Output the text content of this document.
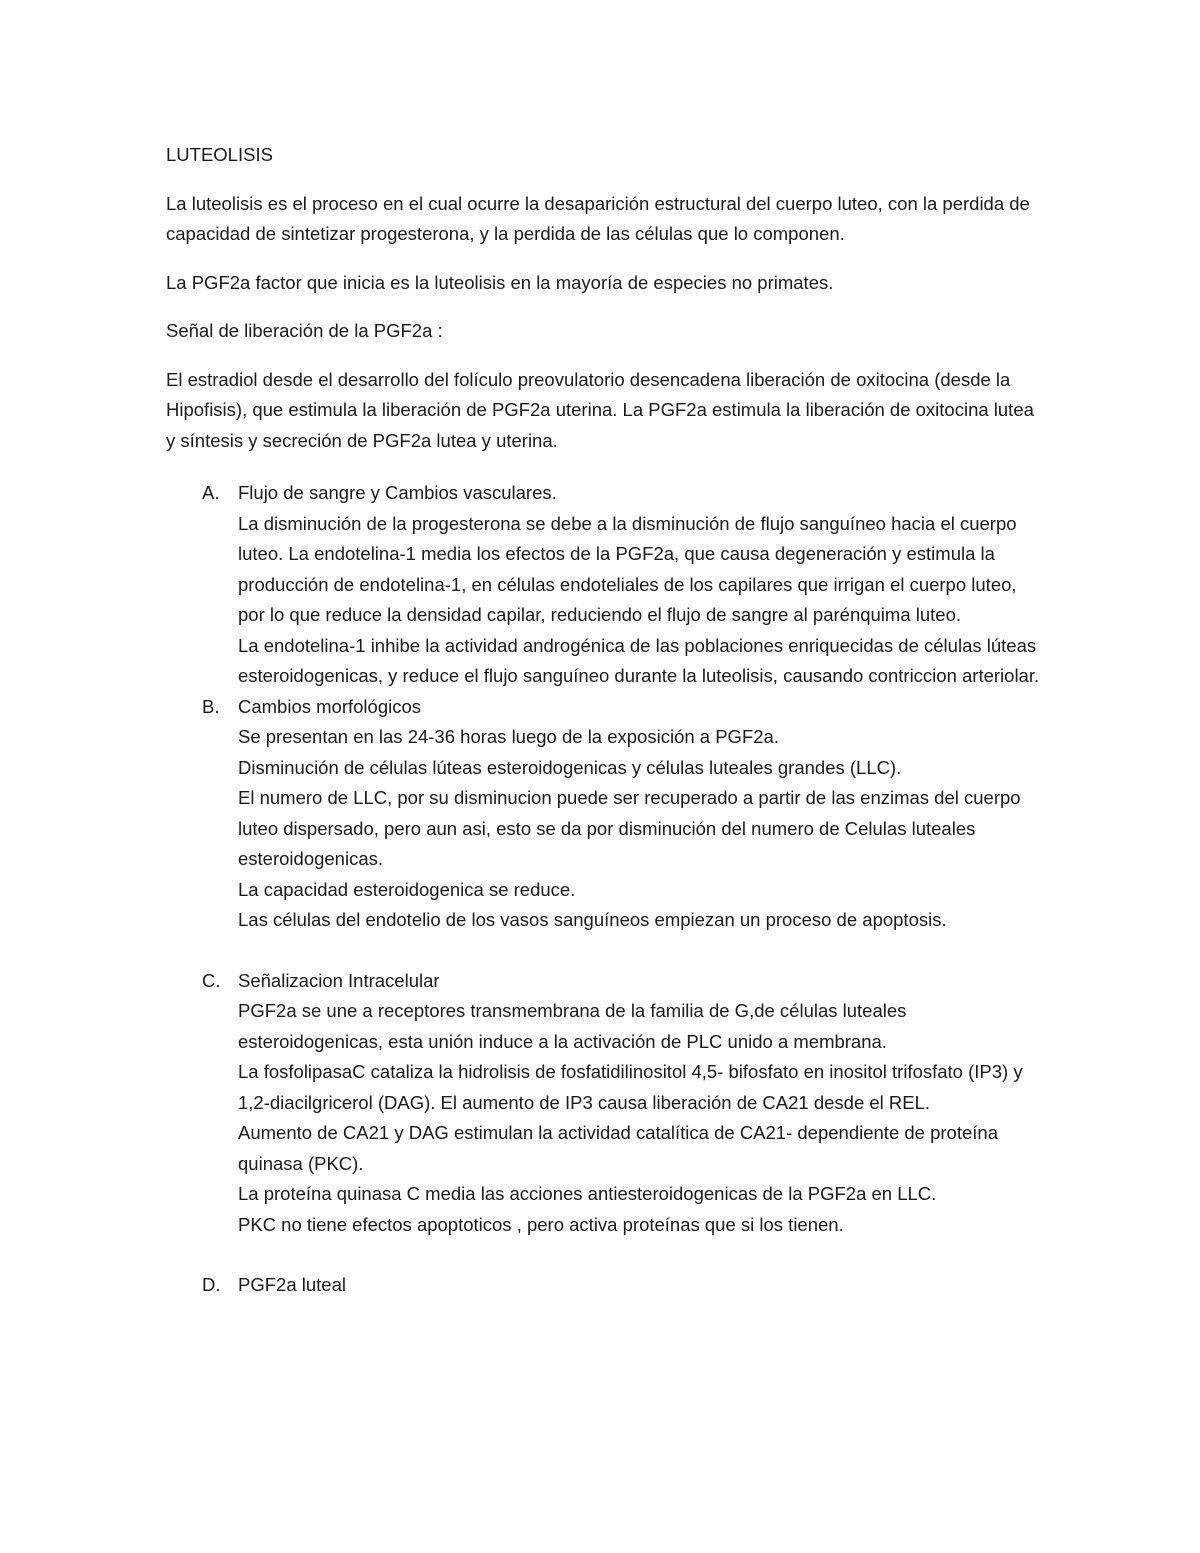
LUTEOLISIS

La luteolisis es el proceso en el cual ocurre la desaparición estructural del cuerpo luteo, con la perdida de capacidad de sintetizar progesterona, y la perdida de las células que lo componen.

La PGF2a factor que inicia es la luteolisis en la mayoría de especies no primates.

Señal de liberación de la PGF2a :

El estradiol desde el desarrollo del folículo preovulatorio desencadena liberación de oxitocina (desde la Hipofisis), que estimula la liberación de PGF2a uterina. La PGF2a estimula la liberación de oxitocina lutea y síntesis y secreción de PGF2a lutea y uterina.

A. Flujo de sangre y Cambios vasculares.
La disminución de la progesterona se debe a la disminución de flujo sanguíneo hacia el cuerpo luteo. La endotelina-1 media los efectos de la PGF2a, que causa degeneración y estimula la producción de endotelina-1, en células endoteliales de los capilares que irrigan el cuerpo luteo, por lo que reduce la densidad capilar, reduciendo el flujo de sangre al parénquima luteo.
La endotelina-1 inhibe la actividad androgénica de las poblaciones enriquecidas de células lúteas esteroidogenicas, y reduce el flujo sanguíneo durante la luteolisis, causando contriccion arteriolar.
B. Cambios morfológicos
Se presentan en las 24-36 horas luego de la exposición a PGF2a.
Disminución de células lúteas esteroidogenicas y células luteales grandes (LLC).
El numero de LLC, por su disminucion puede ser recuperado a partir de las enzimas del cuerpo luteo dispersado, pero aun asi, esto se da por disminución del numero de Celulas luteales esteroidogenicas.
La capacidad esteroidogenica se reduce.
Las células del endotelio de los vasos sanguíneos empiezan un proceso de apoptosis.
C. Señalizacion Intracelular
PGF2a se une a receptores transmembrana de la familia de G,de células luteales esteroidogenicas, esta unión induce a la activación de PLC unido a membrana.
La fosfolipasaC cataliza la hidrolisis de fosfatidilinositol 4,5- bifosfato en inositol trifosfato (IP3) y 1,2-diacilgricerol (DAG). El aumento de IP3 causa liberación de CA21 desde el REL.
Aumento de CA21 y DAG estimulan la actividad catalítica de CA21- dependiente de proteína quinasa (PKC).
La proteína quinasa C media las acciones antiesteroidogenicas de la PGF2a en LLC.
PKC no tiene efectos apoptoticos , pero activa proteínas que si los tienen.
D. PGF2a luteal
